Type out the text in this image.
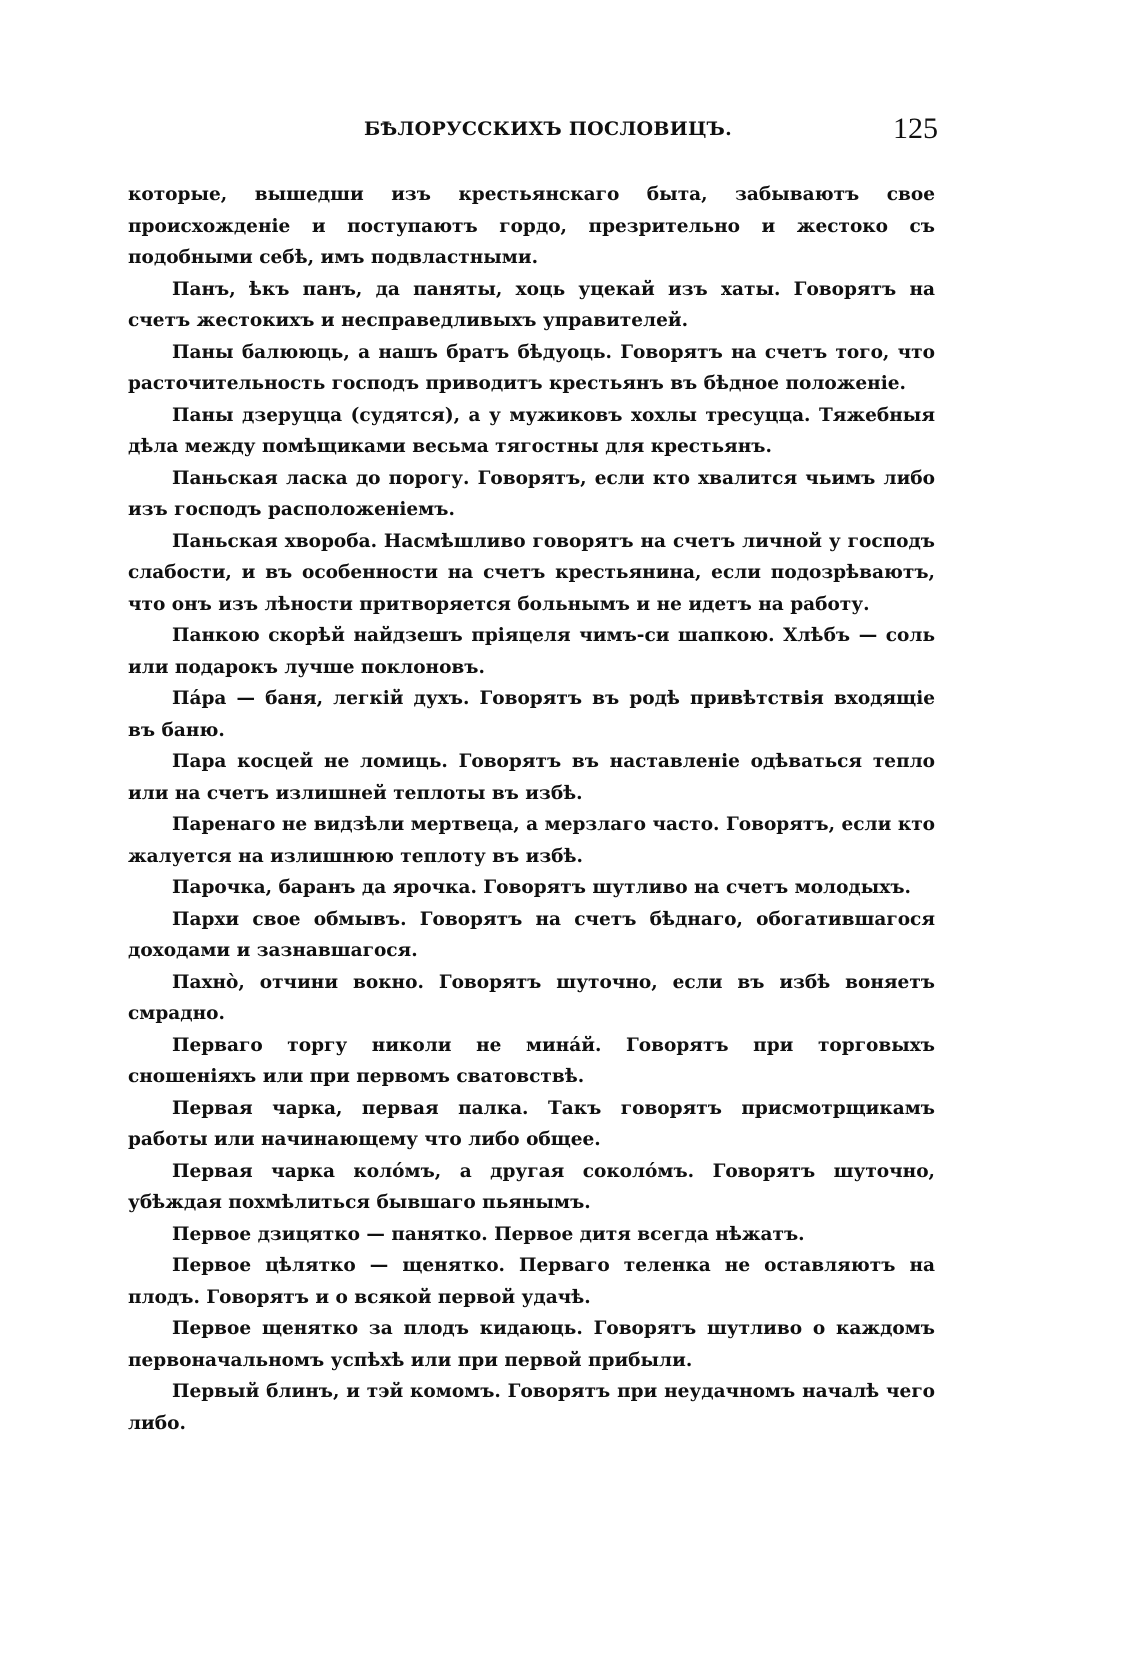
БѢЛОРУССКИХЪ ПОСЛОВИЦЪ.	125

которые, вышедши изъ крестьянскаго быта, забываютъ свое происхожденіе и поступаютъ гордо, презрительно и жестоко съ подобными себѣ, имъ подвластными.

Панъ, ѣкъ панъ, да паняты, хоць уцекай изъ хаты. Говорятъ на счетъ жестокихъ и несправедливыхъ управителей.

Паны балююць, а нашъ братъ бѣдуоць. Говорятъ на счетъ того, что расточительность господъ приводитъ крестьянъ въ бѣдное положеніе.

Паны дзеруцца (судятся), а у мужиковъ хохлы тресуцца. Тяжебныя дѣла между помѣщиками весьма тягостны для крестьянъ.

Паньская ласка до порогу. Говорятъ, если кто хвалится чьимъ либо изъ господъ расположеніемъ.

Паньская хвороба. Насмѣшливо говорятъ на счетъ личной у господъ слабости, и въ особенности на счетъ крестьянина, если подозрѣваютъ, что онъ изъ лѣности притворяется больнымъ и не идетъ на работу.

Панкою скорѣй найдзешъ пріяцеля чимъ-си шапкою. Хлѣбъ — соль или подарокъ лучше поклоновъ.

Пáра — баня, легкій духъ. Говорятъ въ родѣ привѣтствія входящіе въ баню.

Пара косцей не ломиць. Говорятъ въ наставленіе одѣваться тепло или на счетъ излишней теплоты въ избѣ.

Паренаго не видзѣли мертвеца, а мерзлаго часто. Говорятъ, если кто жалуется на излишнюю теплоту въ избѣ.

Парочка, баранъ да ярочка. Говорятъ шутливо на счетъ молодыхъ.

Пархи свое обмывъ. Говорятъ на счетъ бѣднаго, обогатившагося доходами и зазнавшагося.

Пахнò, отчини вокно. Говорятъ шуточно, если въ избѣ воняетъ смрадно.

Перваго торгу николи не минáй. Говорятъ при торговыхъ сношеніяхъ или при первомъ сватовствѣ.

Первая чарка, первая палка. Такъ говорятъ присмотрщикамъ работы или начинающему что либо общее.

Первая чарка колóмъ, а другая соколóмъ. Говорятъ шуточно, убѣждая похмѣлиться бывшаго пьянымъ.

Первое дзицятко — панятко. Первое дитя всегда нѣжатъ.

Первое цѣлятко — щенятко. Перваго теленка не оставляютъ на плодъ. Говорятъ и о всякой первой удачѣ.

Первое щенятко за плодъ кидаюць. Говорятъ шутливо о каждомъ первоначальномъ успѣхѣ или при первой прибыли.

Первый блинъ, и тэй комомъ. Говорятъ при неудачномъ началѣ чего либо.
